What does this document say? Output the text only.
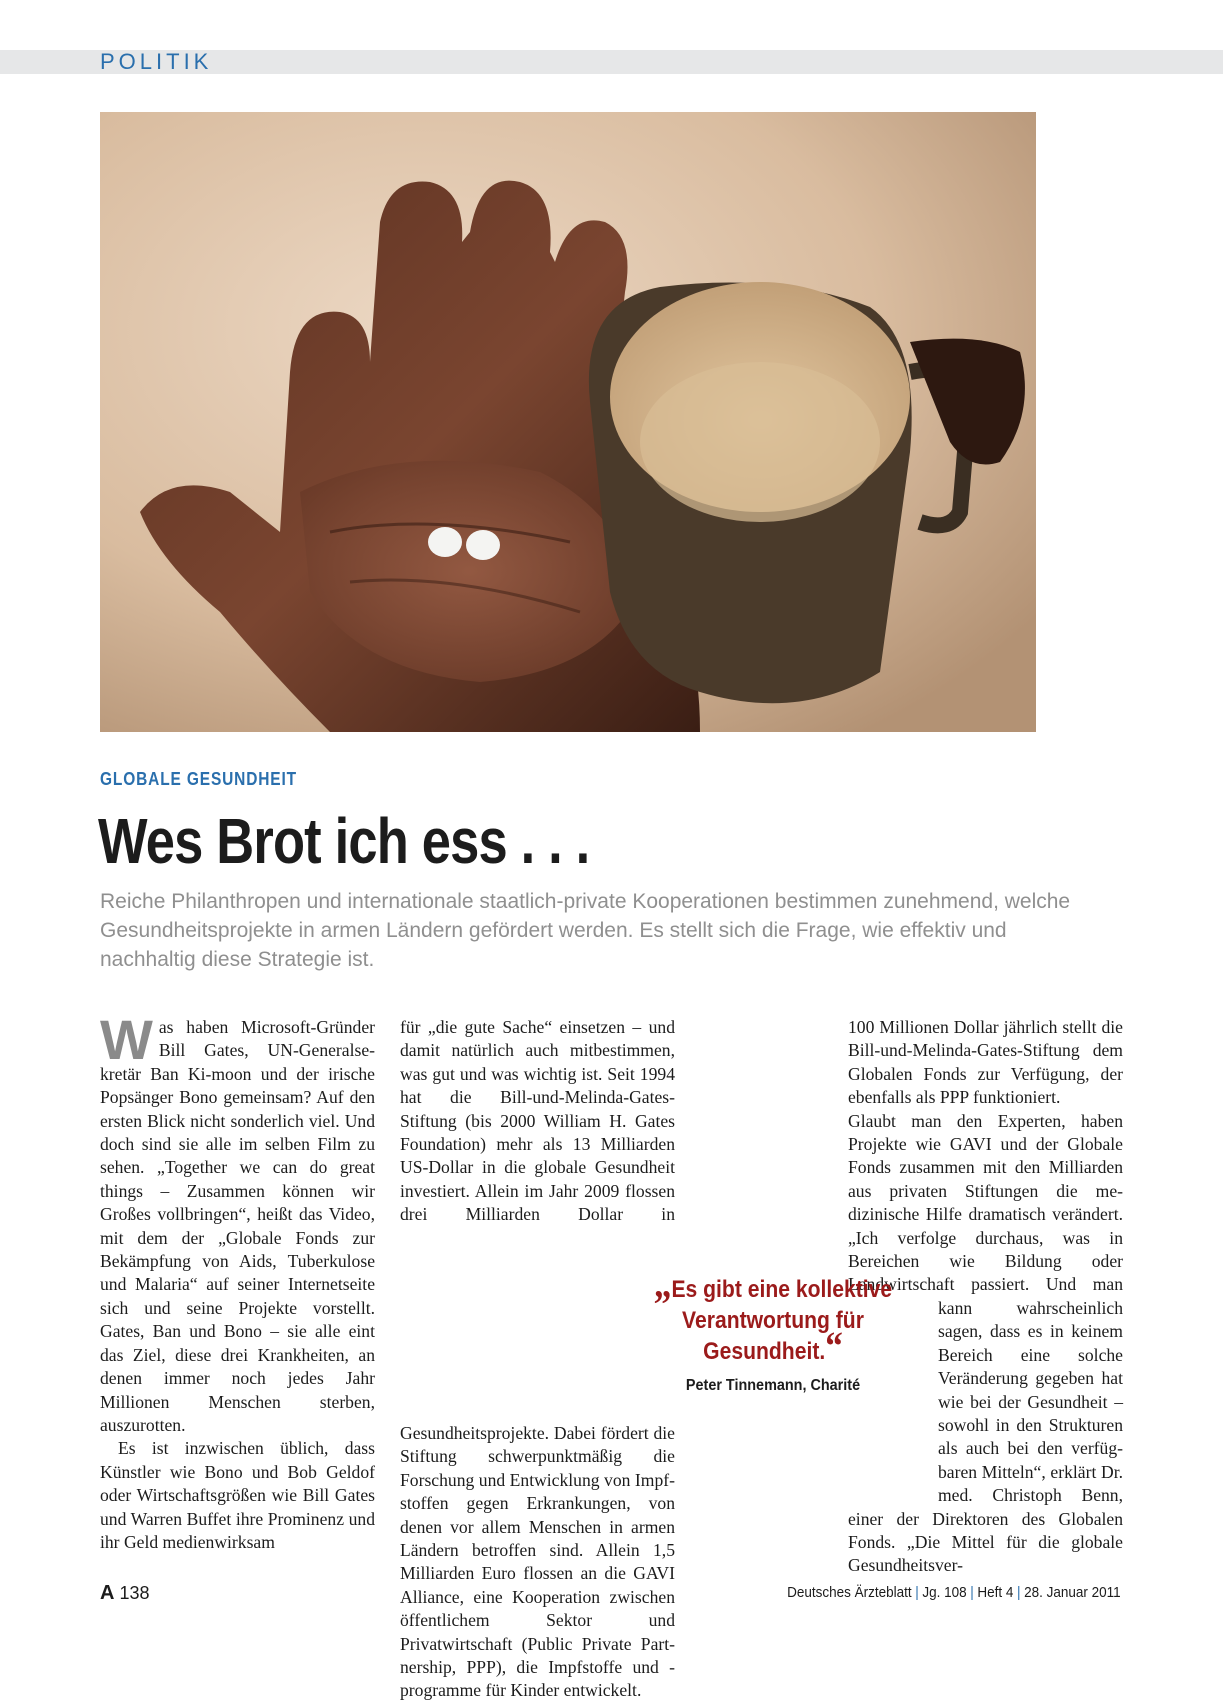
POLITIK
GLOBALE GESUNDHEIT
Wes Brot ich ess . . .
Reiche Philanthropen und internationale staatlich-private Kooperationen bestimmen zunehmend, welche Gesundheitsprojekte in armen Ländern gefördert werden. Es stellt sich die Frage, wie effektiv und nachhaltig diese Strategie ist.

Was haben Microsoft-Gründer Bill Gates, UN-Generalsekretär Ban Ki-moon und der irische Popsänger Bono gemeinsam? Auf den ersten Blick nicht sonderlich viel. Und doch sind sie alle im selben Film zu sehen. „Together we can do great things – Zusammen können wir Großes vollbringen“, heißt das Video, mit dem der „Globale Fonds zur Bekämpfung von Aids, Tuberkulose und Malaria“ auf seiner Internetseite sich und seine Projekte vorstellt. Gates, Ban und Bono – sie alle eint das Ziel, diese drei Krankheiten, an denen immer noch jedes Jahr Millionen Menschen sterben, auszurotten.

Es ist inzwischen üblich, dass Künstler wie Bono und Bob Geldof oder Wirtschaftsgrößen wie Bill Gates und Warren Buffet ihre Prominenz und ihr Geld medienwirksam

für „die gute Sache“ einsetzen – und damit natürlich auch mitbestimmen, was gut und was wichtig ist. Seit 1994 hat die Bill-und-Melinda-Gates-Stiftung (bis 2000 William H. Gates Foundation) mehr als 13 Milliarden US-Dollar in die globale Gesundheit investiert. Allein im Jahr 2009 flossen drei Milliarden Dollar in Gesundheitsprojekte. Dabei fördert die Stiftung schwerpunktmäßig die Forschung und Entwicklung von Impfstoffen gegen Erkrankungen, von denen vor allem Menschen in armen Ländern betroffen sind. Allein 1,5 Milliarden Euro flossen an die GAVI Alliance, eine Kooperation zwischen öffentlichem Sektor und Privatwirtschaft (Public Private Partnership, PPP), die Impfstoffe und -programme für Kinder entwickelt.

100 Millionen Dollar jährlich stellt die Bill-und-Melinda-Gates-Stiftung dem Globalen Fonds zur Verfügung, der ebenfalls als PPP funktioniert.

Glaubt man den Experten, haben Projekte wie GAVI und der Globale Fonds zusammen mit den Milliarden aus privaten Stiftungen die medizinische Hilfe dramatisch verändert. „Ich verfolge durchaus, was in Bereichen wie Bildung oder Landwirtschaft passiert. Und man kann wahrscheinlich sagen, dass es in keinem Bereich eine solche Veränderung gegeben hat wie bei der Gesundheit – sowohl in den Strukturen als auch bei den verfügbaren Mitteln“, erklärt Dr. med. Christoph Benn, einer der Direktoren des Globalen Fonds. „Die Mittel für die globale Gesundheitsver-

„Es gibt eine kollektive Verantwortung für Gesundheit.“
Peter Tinnemann, Charité
A 138	Deutsches Ärzteblatt | Jg. 108 | Heft 4 | 28. Januar 2011
